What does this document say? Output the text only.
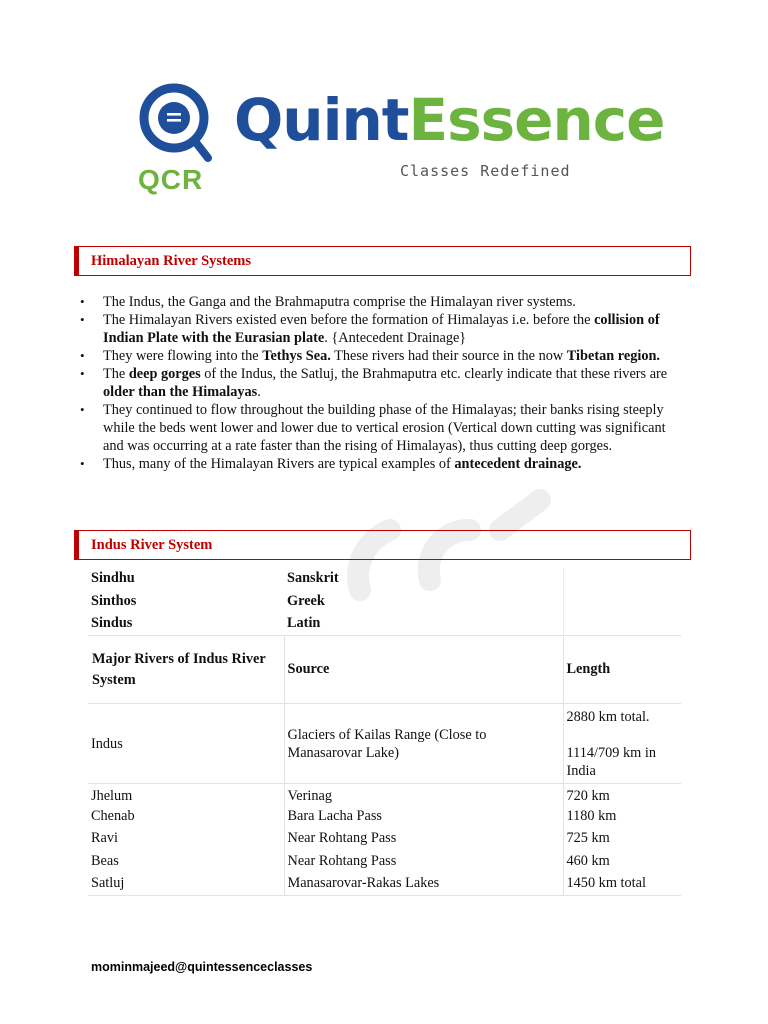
QCR
QuintEssence
Classes Redefined
Himalayan River Systems
• The Indus, the Ganga and the Brahmaputra comprise the Himalayan river systems.
• The Himalayan Rivers existed even before the formation of Himalayas i.e. before the collision of Indian Plate with the Eurasian plate. {Antecedent Drainage}
• They were flowing into the Tethys Sea. These rivers had their source in the now Tibetan region.
• The deep gorges of the Indus, the Satluj, the Brahmaputra etc. clearly indicate that these rivers are older than the Himalayas.
• They continued to flow throughout the building phase of the Himalayas; their banks rising steeply while the beds went lower and lower due to vertical erosion (Vertical down cutting was significant and was occurring at a rate faster than the rising of Himalayas), thus cutting deep gorges.
• Thus, many of the Himalayan Rivers are typical examples of antecedent drainage.
Indus River System
Sindhu	Sanskrit	
Sinthos	Greek	
Sindus	Latin	
Major Rivers of Indus River System	Source	Length
Indus	Glaciers of Kailas Range (Close to Manasarovar Lake)	2880 km total.
1114/709 km in India

Jhelum	Verinag	720 km
Chenab	Bara Lacha Pass	1180 km
Ravi	Near Rohtang Pass	725 km
Beas	Near Rohtang Pass	460 km
Satluj	Manasarovar-Rakas Lakes	1450 km total
mominmajeed@quintessenceclasses
